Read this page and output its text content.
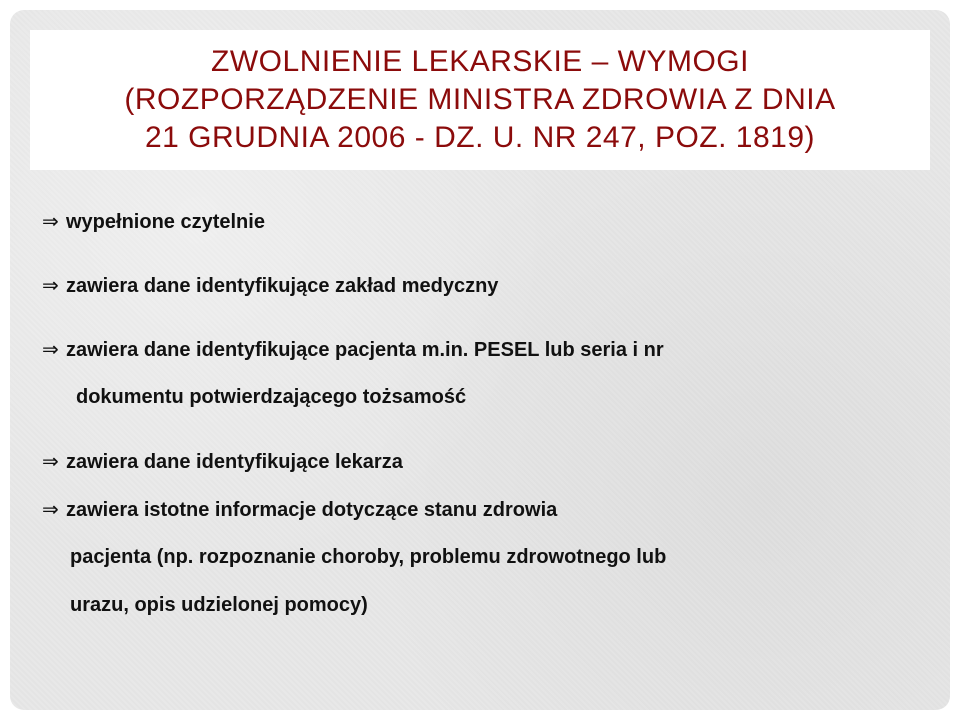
ZWOLNIENIE LEKARSKIE – WYMOGI
(ROZPORZĄDZENIE MINISTRA ZDROWIA Z DNIA
21 GRUDNIA 2006 - DZ. U. NR 247, POZ. 1819)
⇒ wypełnione czytelnie
⇒ zawiera dane identyfikujące zakład medyczny
⇒ zawiera dane identyfikujące pacjenta m.in. PESEL lub seria i nr
dokumentu potwierdzającego tożsamość
⇒ zawiera dane identyfikujące lekarza
⇒ zawiera istotne informacje dotyczące stanu zdrowia
pacjenta (np. rozpoznanie choroby, problemu zdrowotnego lub
urazu, opis udzielonej pomocy)
